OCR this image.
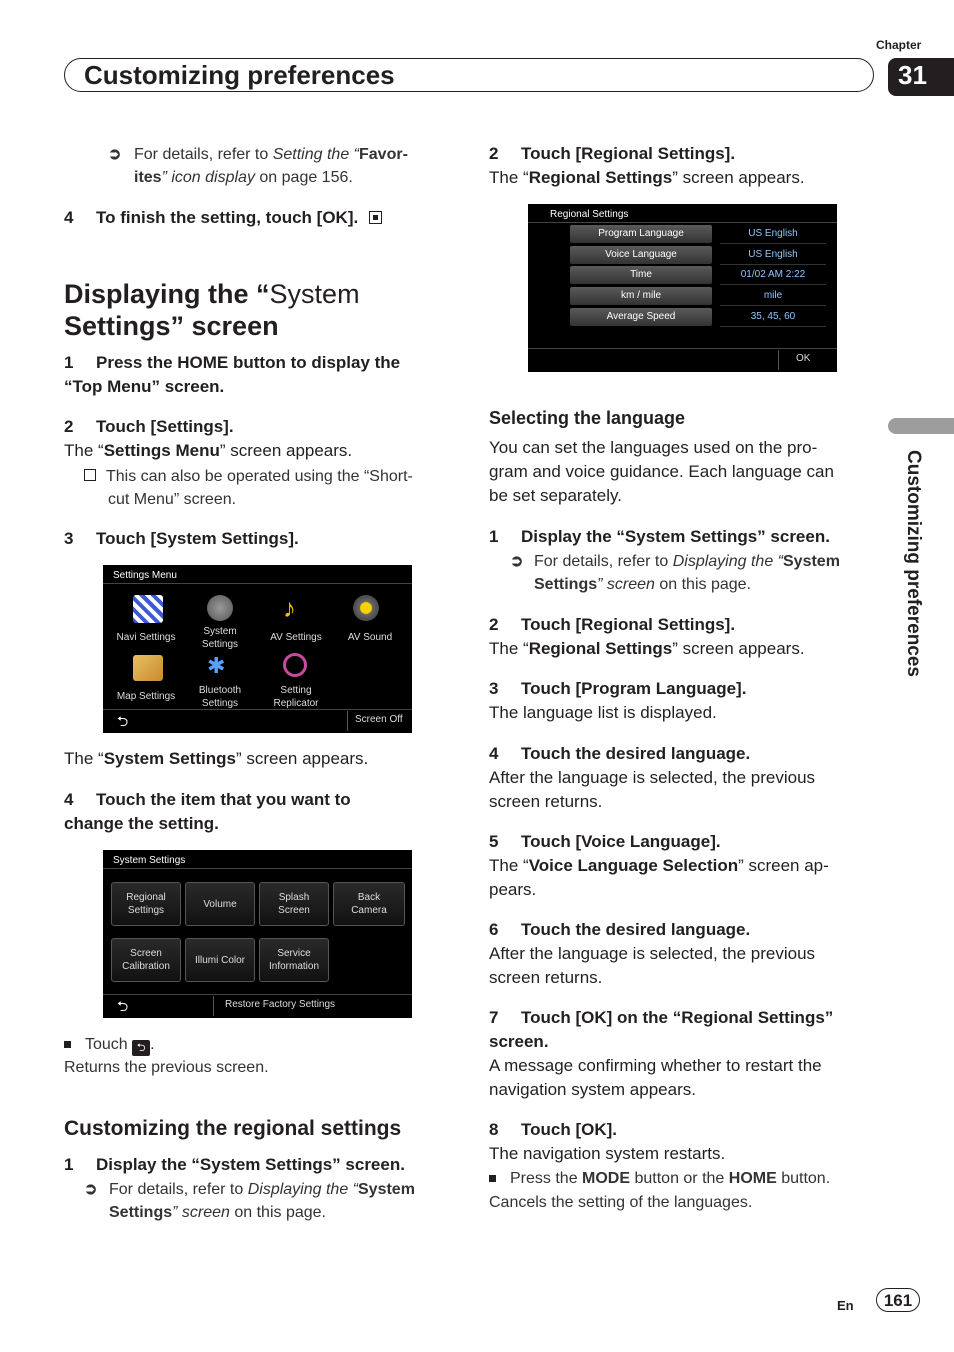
Chapter
31
Customizing preferences
Customizing preferences
➲ For details, refer to Setting the “Favor-
ites” icon display on page 156.
4 To finish the setting, touch [OK].
Displaying the “System
Settings” screen
1 Press the HOME button to display the
“Top Menu” screen.
2 Touch [Settings].
The “Settings Menu” screen appears.
This can also be operated using the “Short-
cut Menu” screen.
3 Touch [System Settings].
Settings Menu
♪
✱
Navi Settings
System
Settings
AV Settings	AV Sound
Map Settings
Bluetooth
Settings
Setting
Replicator
⮌	Screen Off
The “System Settings” screen appears.
4 Touch the item that you want to
change the setting.
System Settings
Regional
Settings
Volume
Splash
Screen
Back
Camera
Screen
Calibration
Illumi Color
Service
Information
⮌	Restore Factory Settings
Touch ⮌ .
Returns the previous screen.
Customizing the regional settings
1 Display the “System Settings” screen.
➲ For details, refer to Displaying the “System
Settings” screen on this page.
2 Touch [Regional Settings].
The “Regional Settings” screen appears.
Regional Settings
Program Language	US English
Voice Language	US English
Time	01/02 AM 2:22
km / mile	mile
Average Speed	35, 45, 60
OK
Selecting the language
You can set the languages used on the pro-
gram and voice guidance. Each language can
be set separately.
1 Display the “System Settings” screen.
➲ For details, refer to Displaying the “System
Settings” screen on this page.
2 Touch [Regional Settings].
The “Regional Settings” screen appears.
3 Touch [Program Language].
The language list is displayed.
4 Touch the desired language.
After the language is selected, the previous
screen returns.
5 Touch [Voice Language].
The “Voice Language Selection” screen ap-
pears.
6 Touch the desired language.
After the language is selected, the previous
screen returns.
7 Touch [OK] on the “Regional Settings”
screen.
A message confirming whether to restart the
navigation system appears.
8 Touch [OK].
The navigation system restarts.
Press the MODE button or the HOME button.
Cancels the setting of the languages.
En	161
